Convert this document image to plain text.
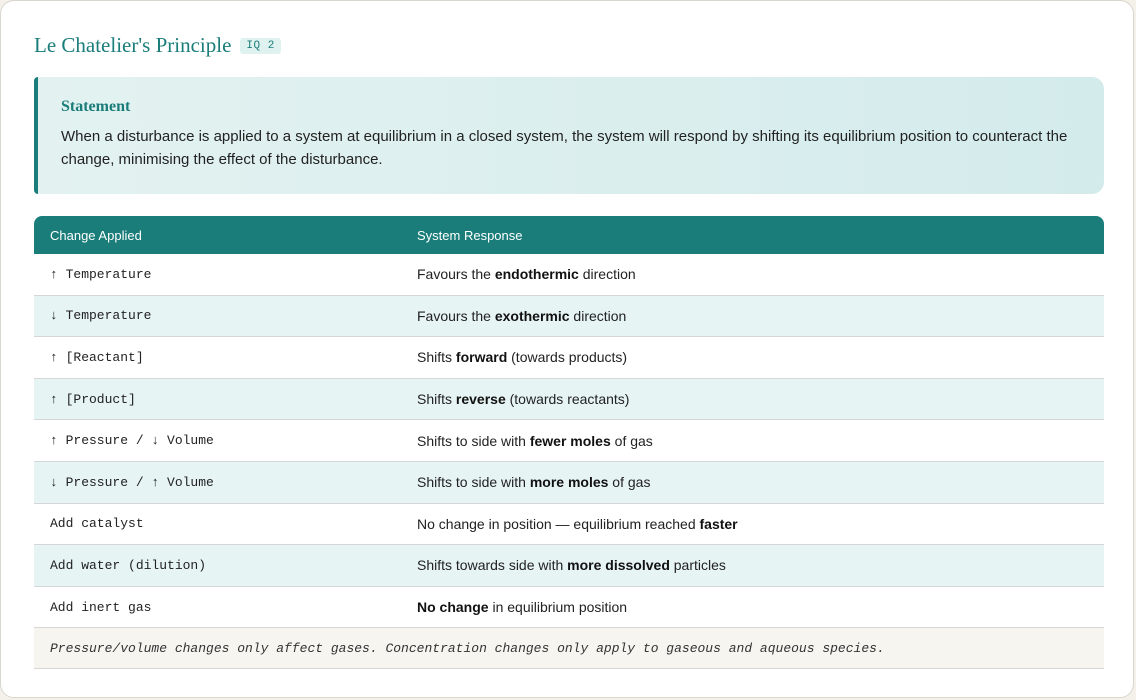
Le Chatelier's Principle	IQ 2
Statement
When a disturbance is applied to a system at equilibrium in a closed system, the system will respond by shifting its equilibrium position to counteract the change, minimising the effect of the disturbance.
Change Applied	System Response
↑ Temperature	Favours the endothermic direction
↓ Temperature	Favours the exothermic direction
↑ [Reactant]	Shifts forward (towards products)
↑ [Product]	Shifts reverse (towards reactants)
↑ Pressure / ↓ Volume	Shifts to side with fewer moles of gas
↓ Pressure / ↑ Volume	Shifts to side with more moles of gas
Add catalyst	No change in position — equilibrium reached faster
Add water (dilution)	Shifts towards side with more dissolved particles
Add inert gas	No change in equilibrium position
Pressure/volume changes only affect gases. Concentration changes only apply to gaseous and aqueous species.
